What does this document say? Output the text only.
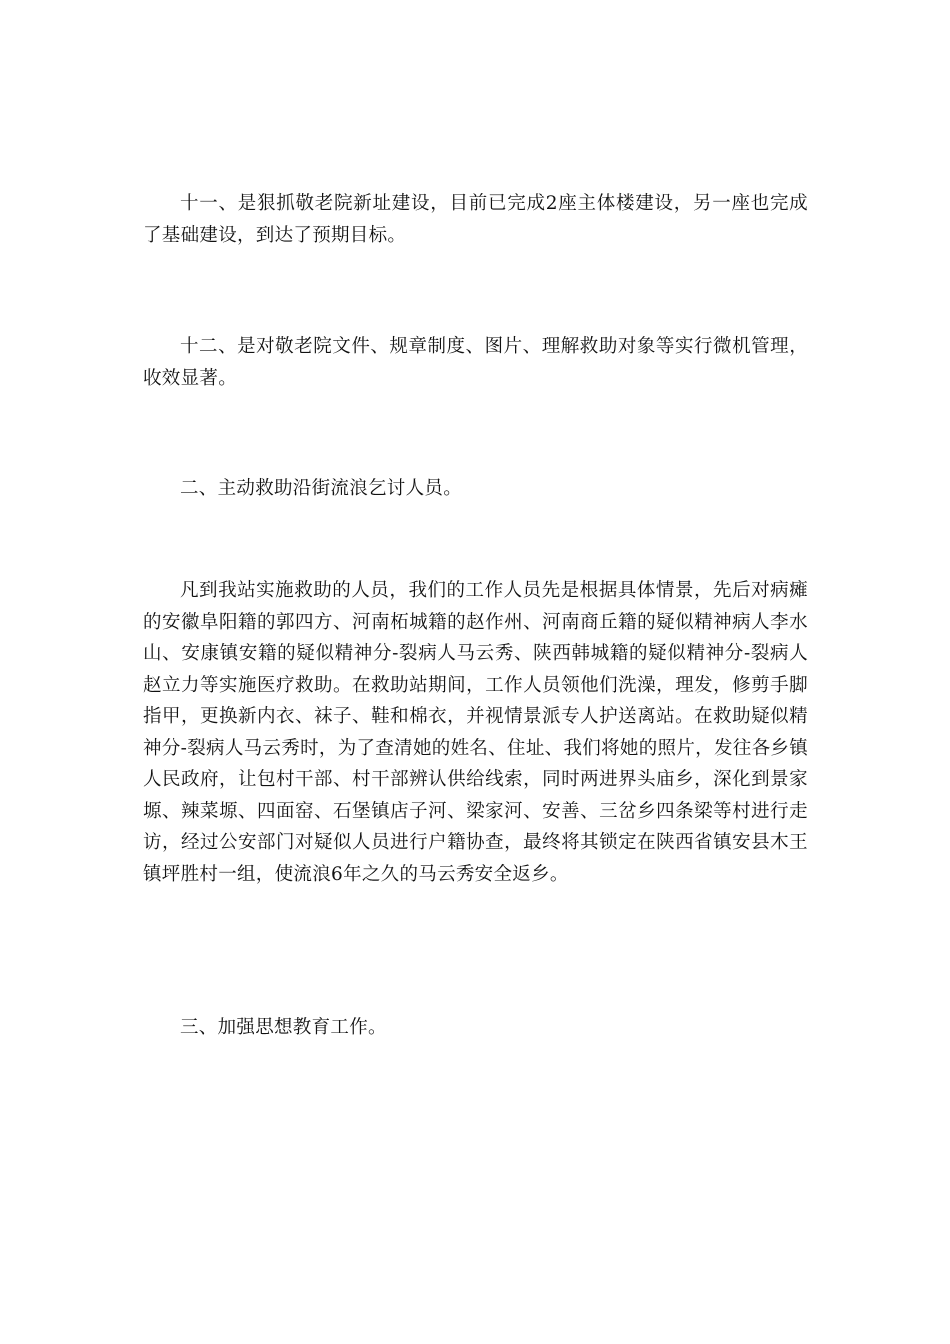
十一、是狠抓敬老院新址建设，目前已完成2座主体楼建设，另一座也完成了基础建设，到达了预期目标。

十二、是对敬老院文件、规章制度、图片、理解救助对象等实行微机管理，收效显著。

二、主动救助沿街流浪乞讨人员。

凡到我站实施救助的人员，我们的工作人员先是根据具体情景，先后对病瘫的安徽阜阳籍的郭四方、河南柘城籍的赵作州、河南商丘籍的疑似精神病人李水山、安康镇安籍的疑似精神分-裂病人马云秀、陕西韩城籍的疑似精神分-裂病人赵立力等实施医疗救助。在救助站期间，工作人员领他们洗澡，理发，修剪手脚指甲，更换新内衣、袜子、鞋和棉衣，并视情景派专人护送离站。在救助疑似精神分-裂病人马云秀时，为了查清她的姓名、住址、我们将她的照片，发往各乡镇人民政府，让包村干部、村干部辨认供给线索，同时两进界头庙乡，深化到景家塬、辣菜塬、四面窑、石堡镇店子河、梁家河、安善、三岔乡四条梁等村进行走访，经过公安部门对疑似人员进行户籍协查，最终将其锁定在陕西省镇安县木王镇坪胜村一组，使流浪6年之久的马云秀安全返乡。

三、加强思想教育工作。
